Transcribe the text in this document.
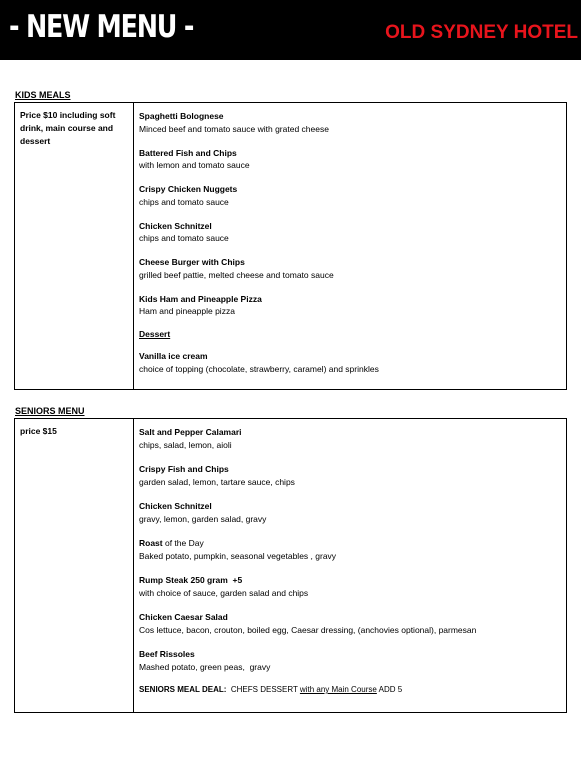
- NEW MENU -	OLD SYDNEY HOTEL
KIDS MEALS
Price $10 including soft drink, main course and dessert
Spaghetti Bolognese
Minced beef and tomato sauce with grated cheese
Battered Fish and Chips
with lemon and tomato sauce
Crispy Chicken Nuggets
chips and tomato sauce
Chicken Schnitzel
chips and tomato sauce
Cheese Burger with Chips
grilled beef pattie, melted cheese and tomato sauce
Kids Ham and Pineapple Pizza
Ham and pineapple pizza
Dessert
Vanilla ice cream
choice of topping (chocolate, strawberry, caramel) and sprinkles
SENIORS MENU
price $15	Salt and Pepper Calamari
chips, salad, lemon, aioli
Crispy Fish and Chips
garden salad, lemon, tartare sauce, chips
Chicken Schnitzel
gravy, lemon, garden salad, gravy
Roast of the Day
Baked potato, pumpkin, seasonal vegetables , gravy
Rump Steak 250 gram  +5
with choice of sauce, garden salad and chips
Chicken Caesar Salad
Cos lettuce, bacon, crouton, boiled egg, Caesar dressing, (anchovies optional), parmesan
Beef Rissoles
Mashed potato, green peas,  gravy
SENIORS MEAL DEAL:  CHEFS DESSERT with any Main Course ADD 5
